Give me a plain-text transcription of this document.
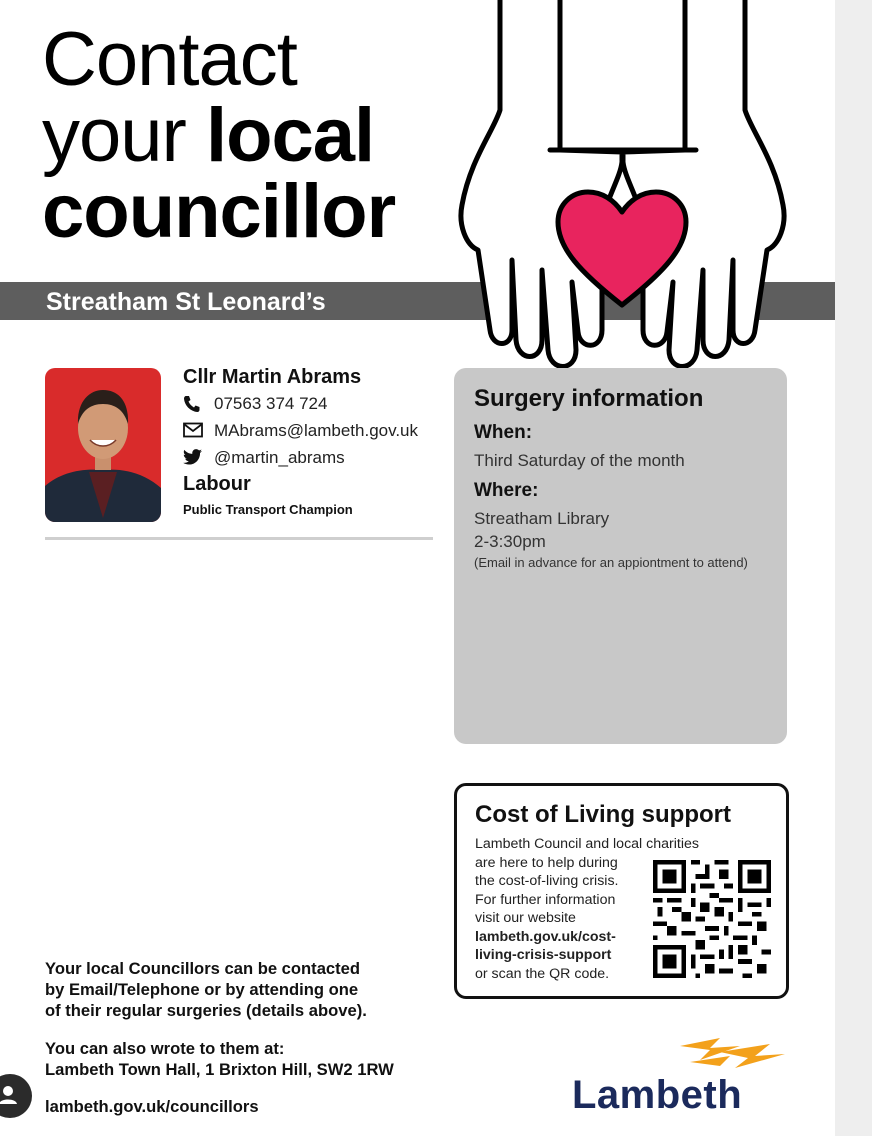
Contact
your local
councillor
Streatham St Leonard’s
Cllr Martin Abrams
07563 374 724
MAbrams@lambeth.gov.uk
@martin_abrams
Labour
Public Transport Champion
Surgery information
When:
Third Saturday of the month
Where:
Streatham Library
2-3:30pm
(Email in advance for an appiontment to attend)
Cost of Living support
Lambeth Council and local charities
are here to help during
the cost-of-living crisis.
For further information
visit our website
lambeth.gov.uk/cost-
living-crisis-support
or scan the QR code.
Your local Councillors can be contacted
by Email/Telephone or by attending one
of their regular surgeries (details above).
You can also wrote to them at:
Lambeth Town Hall, 1 Brixton Hill, SW2 1RW
lambeth.gov.uk/councillors	Lambeth
